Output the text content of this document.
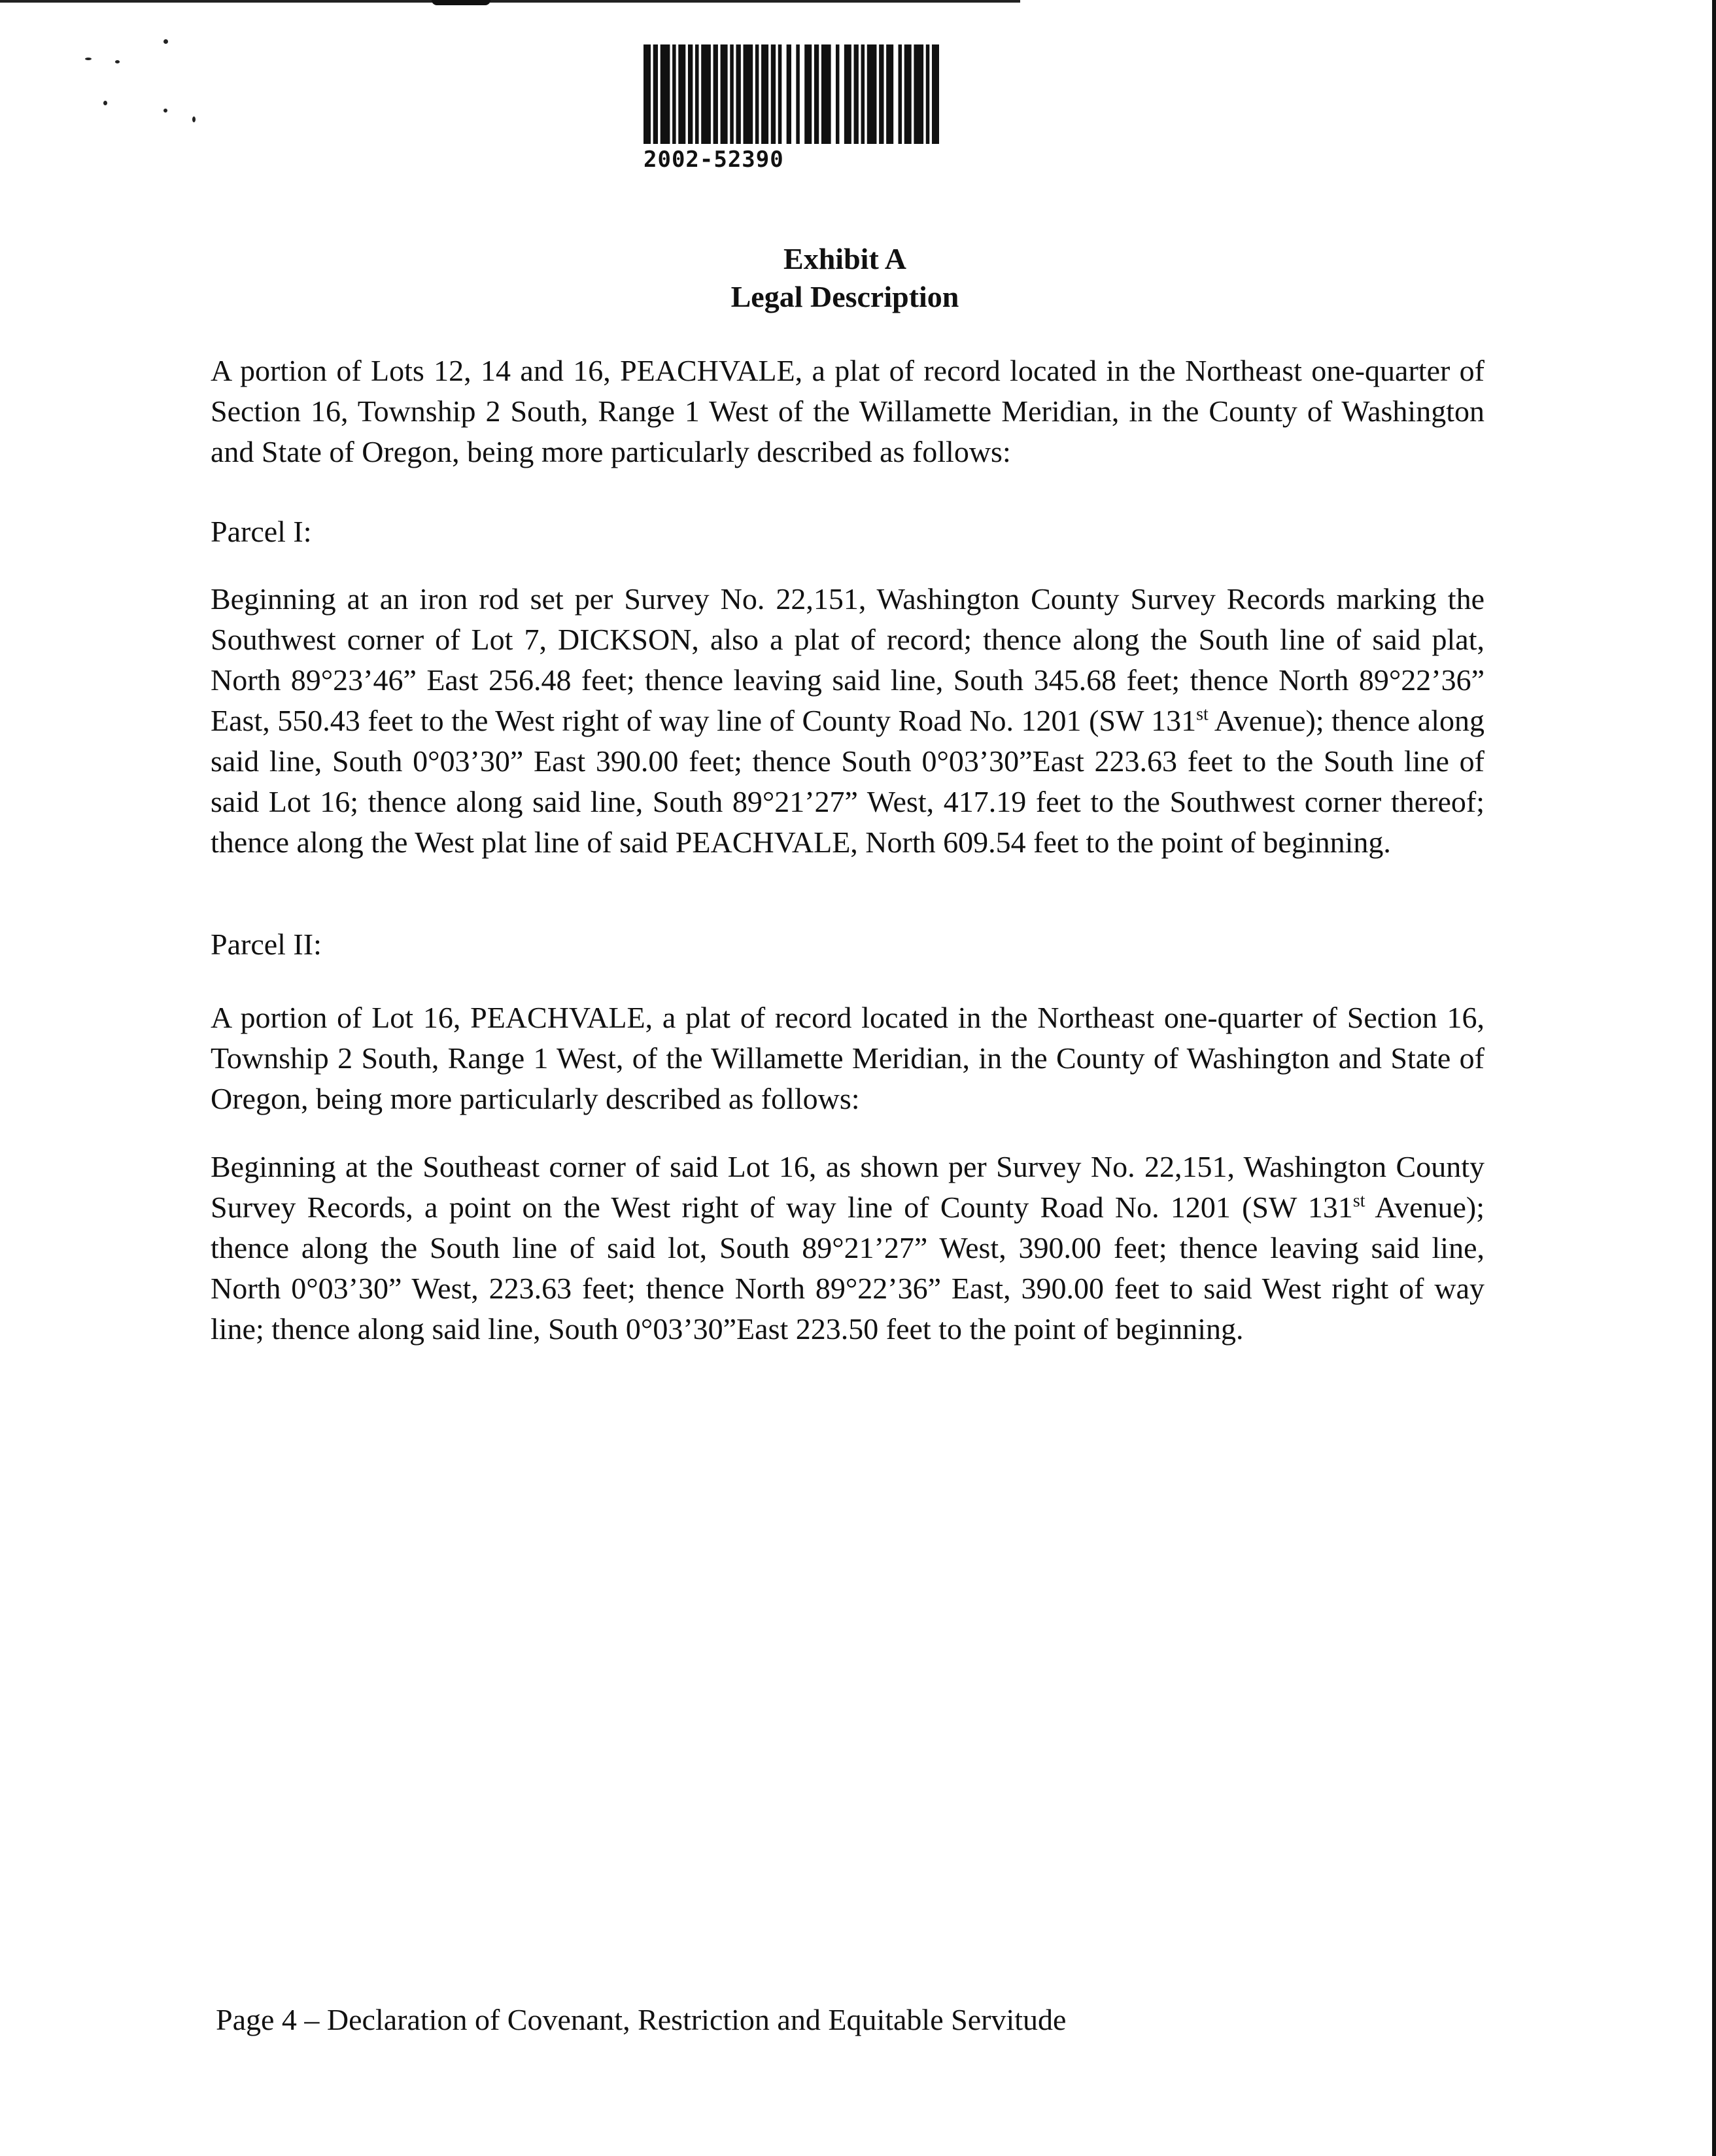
2002-52390
Exhibit A
Legal Description
A portion of Lots 12, 14 and 16, PEACHVALE, a plat of record located in the Northeast one-quarter of Section 16, Township 2 South, Range 1 West of the Willamette Meridian, in the County of Washington and State of Oregon, being more particularly described as follows:
Parcel I:
Beginning at an iron rod set per Survey No. 22,151, Washington County Survey Records marking the Southwest corner of Lot 7, DICKSON, also a plat of record; thence along the South line of said plat, North 89°23’46” East 256.48 feet; thence leaving said line, South 345.68 feet; thence North 89°22’36” East, 550.43 feet to the West right of way line of County Road No. 1201 (SW 131st Avenue); thence along said line, South 0°03’30” East 390.00 feet; thence South 0°03’30”East 223.63 feet to the South line of said Lot 16; thence along said line, South 89°21’27” West, 417.19 feet to the Southwest corner thereof; thence along the West plat line of said PEACHVALE, North 609.54 feet to the point of beginning.
Parcel II:
A portion of Lot 16, PEACHVALE, a plat of record located in the Northeast one-quarter of Section 16, Township 2 South, Range 1 West, of the Willamette Meridian, in the County of Washington and State of Oregon, being more particularly described as follows:
Beginning at the Southeast corner of said Lot 16, as shown per Survey No. 22,151, Washington County Survey Records, a point on the West right of way line of County Road No. 1201 (SW 131st Avenue); thence along the South line of said lot, South 89°21’27” West, 390.00 feet; thence leaving said line, North 0°03’30” West, 223.63 feet; thence North 89°22’36” East, 390.00 feet to said West right of way line; thence along said line, South 0°03’30”East 223.50 feet to the point of beginning.
Page 4 – Declaration of Covenant, Restriction and Equitable Servitude
